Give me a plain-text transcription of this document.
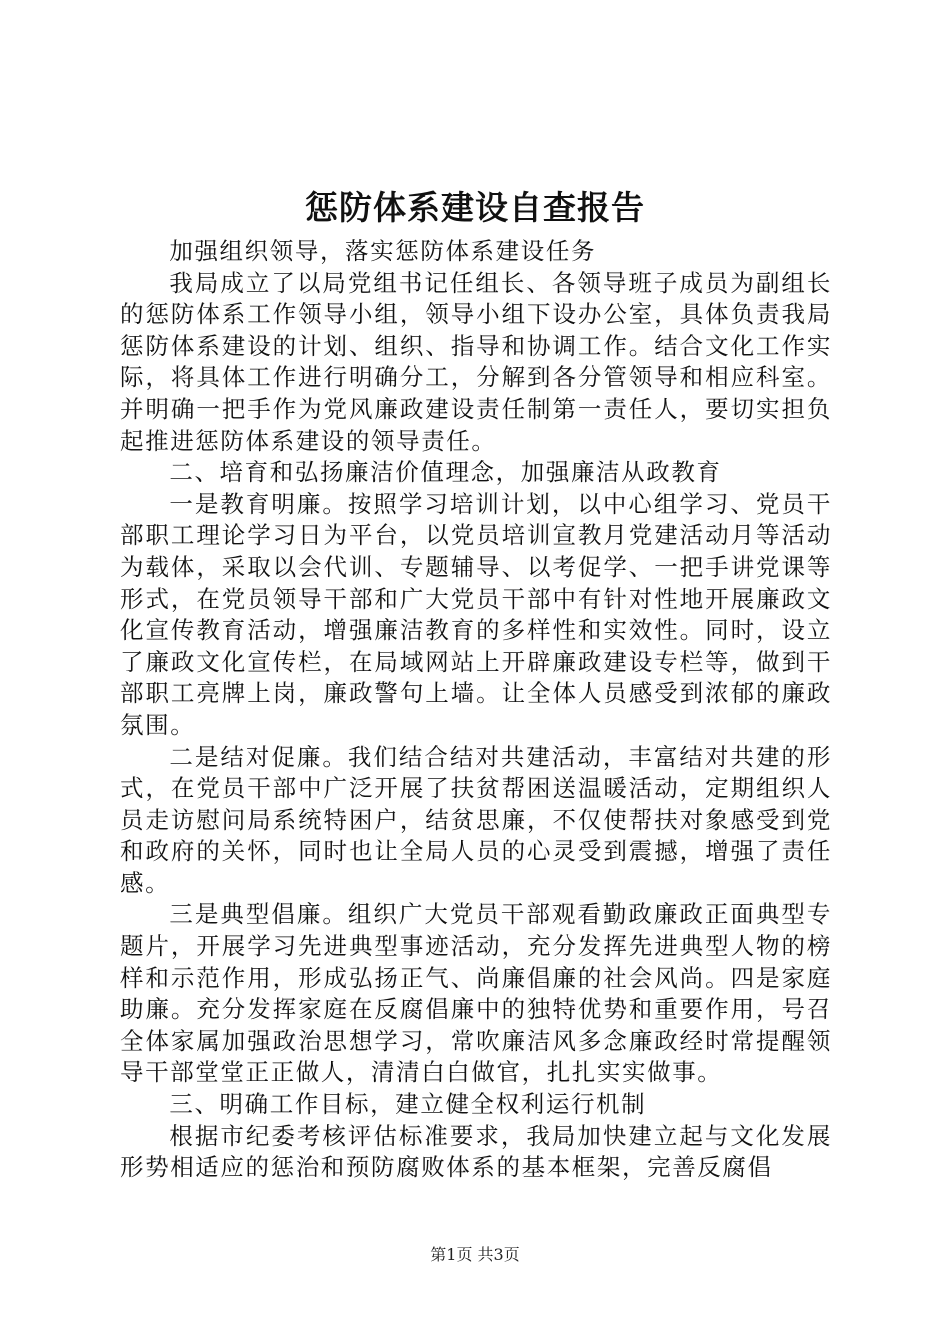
惩防体系建设自查报告

加强组织领导，落实惩防体系建设任务

我局成立了以局党组书记任组长、各领导班子成员为副组长的惩防体系工作领导小组，领导小组下设办公室，具体负责我局惩防体系建设的计划、组织、指导和协调工作。结合文化工作实际，将具体工作进行明确分工，分解到各分管领导和相应科室。并明确一把手作为党风廉政建设责任制第一责任人，要切实担负起推进惩防体系建设的领导责任。

二、培育和弘扬廉洁价值理念，加强廉洁从政教育

一是教育明廉。按照学习培训计划，以中心组学习、党员干部职工理论学习日为平台，以党员培训宣教月党建活动月等活动为载体，采取以会代训、专题辅导、以考促学、一把手讲党课等形式，在党员领导干部和广大党员干部中有针对性地开展廉政文化宣传教育活动，增强廉洁教育的多样性和实效性。同时，设立了廉政文化宣传栏，在局域网站上开辟廉政建设专栏等，做到干部职工亮牌上岗，廉政警句上墙。让全体人员感受到浓郁的廉政氛围。

二是结对促廉。我们结合结对共建活动，丰富结对共建的形式，在党员干部中广泛开展了扶贫帮困送温暖活动，定期组织人员走访慰问局系统特困户，结贫思廉，不仅使帮扶对象感受到党和政府的关怀，同时也让全局人员的心灵受到震撼，增强了责任感。

三是典型倡廉。组织广大党员干部观看勤政廉政正面典型专题片，开展学习先进典型事迹活动，充分发挥先进典型人物的榜样和示范作用，形成弘扬正气、尚廉倡廉的社会风尚。四是家庭助廉。充分发挥家庭在反腐倡廉中的独特优势和重要作用，号召全体家属加强政治思想学习，常吹廉洁风多念廉政经时常提醒领导干部堂堂正正做人，清清白白做官，扎扎实实做事。

三、明确工作目标，建立健全权利运行机制

根据市纪委考核评估标准要求，我局加快建立起与文化发展形势相适应的惩治和预防腐败体系的基本框架，完善反腐倡

第1页 共3页
